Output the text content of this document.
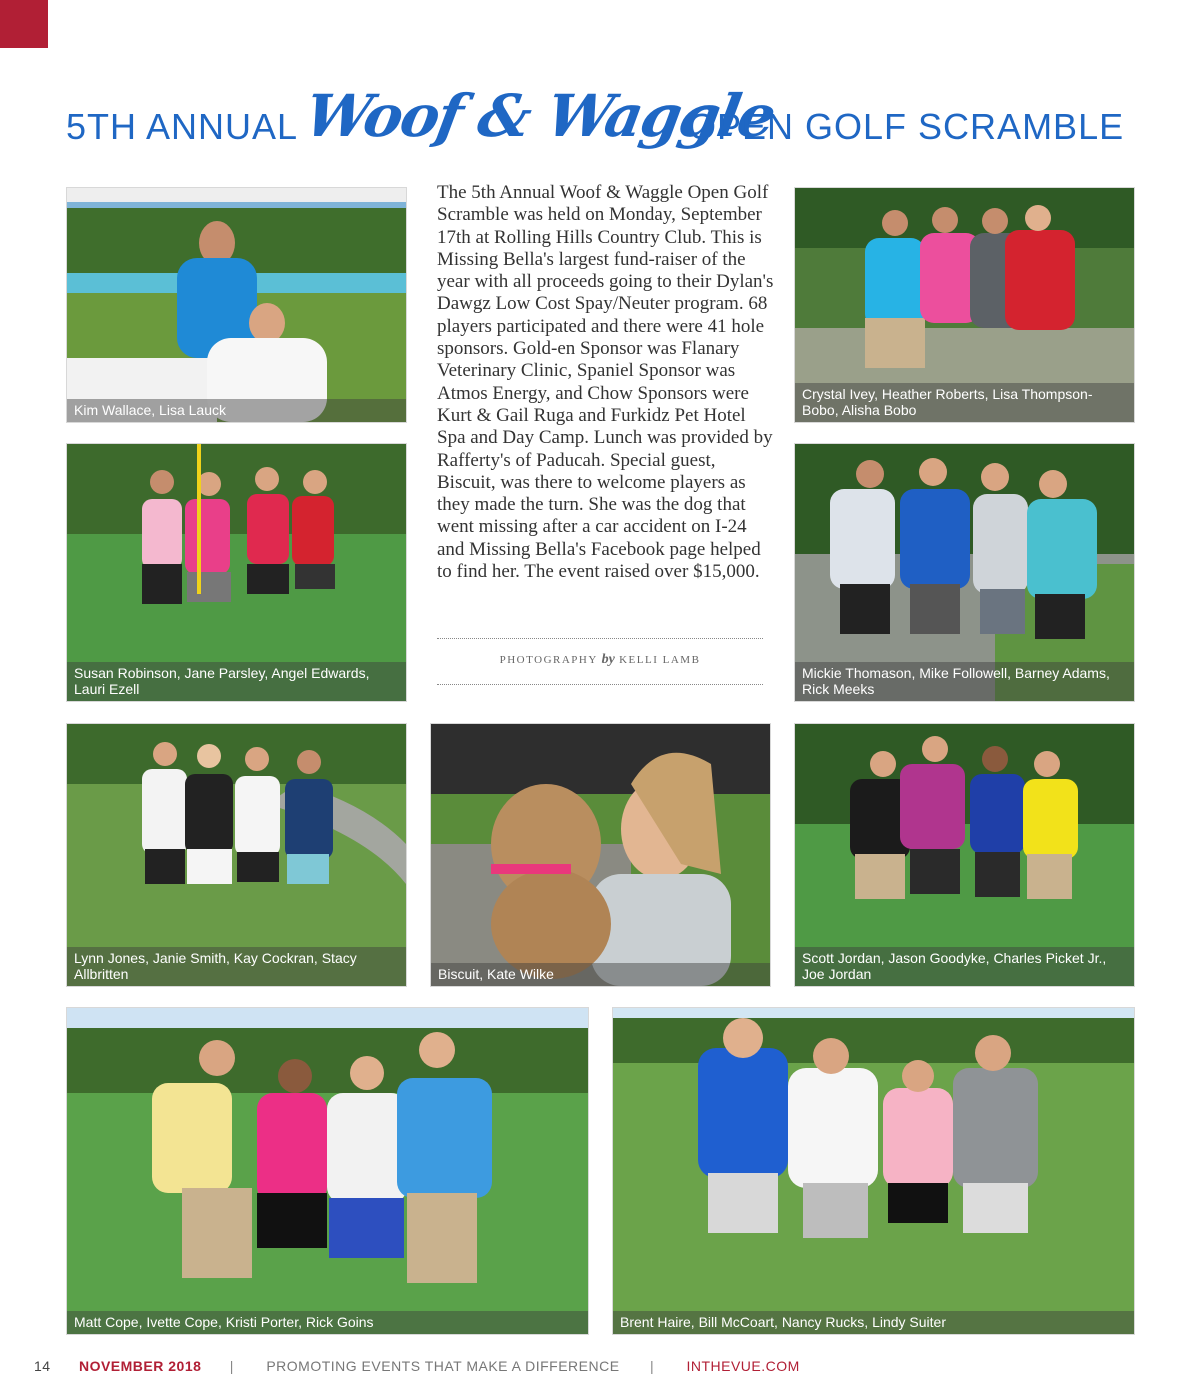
5TH ANNUAL Woof & Waggle
OPEN GOLF SCRAMBLE
Kim Wallace, Lisa Lauck
Crystal Ivey, Heather Roberts, Lisa Thompson-Bobo, Alisha Bobo
Susan Robinson, Jane Parsley, Angel Edwards, Lauri Ezell
Mickie Thomason, Mike Followell, Barney Adams, Rick Meeks
Lynn Jones, Janie Smith, Kay Cockran, Stacy Allbritten	Biscuit, Kate Wilke
Scott Jordan, Jason Goodyke, Charles Picket Jr., Joe Jordan
Matt Cope, Ivette Cope, Kristi Porter, Rick Goins	Brent Haire, Bill McCoart, Nancy Rucks, Lindy Suiter
The 5th Annual Woof & Waggle Open Golf Scramble was held on Monday, September 17th at Rolling Hills Country Club. This is Missing Bella's largest fund-raiser of the year with all proceeds going to their Dylan's Dawgz Low Cost Spay/Neuter program. 68 players participated and there were 41 hole sponsors. Gold-en Sponsor was Flanary Veterinary Clinic, Spaniel Sponsor was Atmos Energy, and Chow Sponsors were Kurt & Gail Ruga and Furkidz Pet Hotel Spa and Day Camp. Lunch was provided by Rafferty's of Paducah. Special guest, Biscuit, was there to welcome players as they made the turn. She was the dog that went missing after a car accident on I-24 and Missing Bella's Facebook page helped to find her. The event raised over $15,000.
PHOTOGRAPHY by KELLI LAMB
14 NOVEMBER 2018 | PROMOTING EVENTS THAT MAKE A DIFFERENCE | INTHEVUE.COM
